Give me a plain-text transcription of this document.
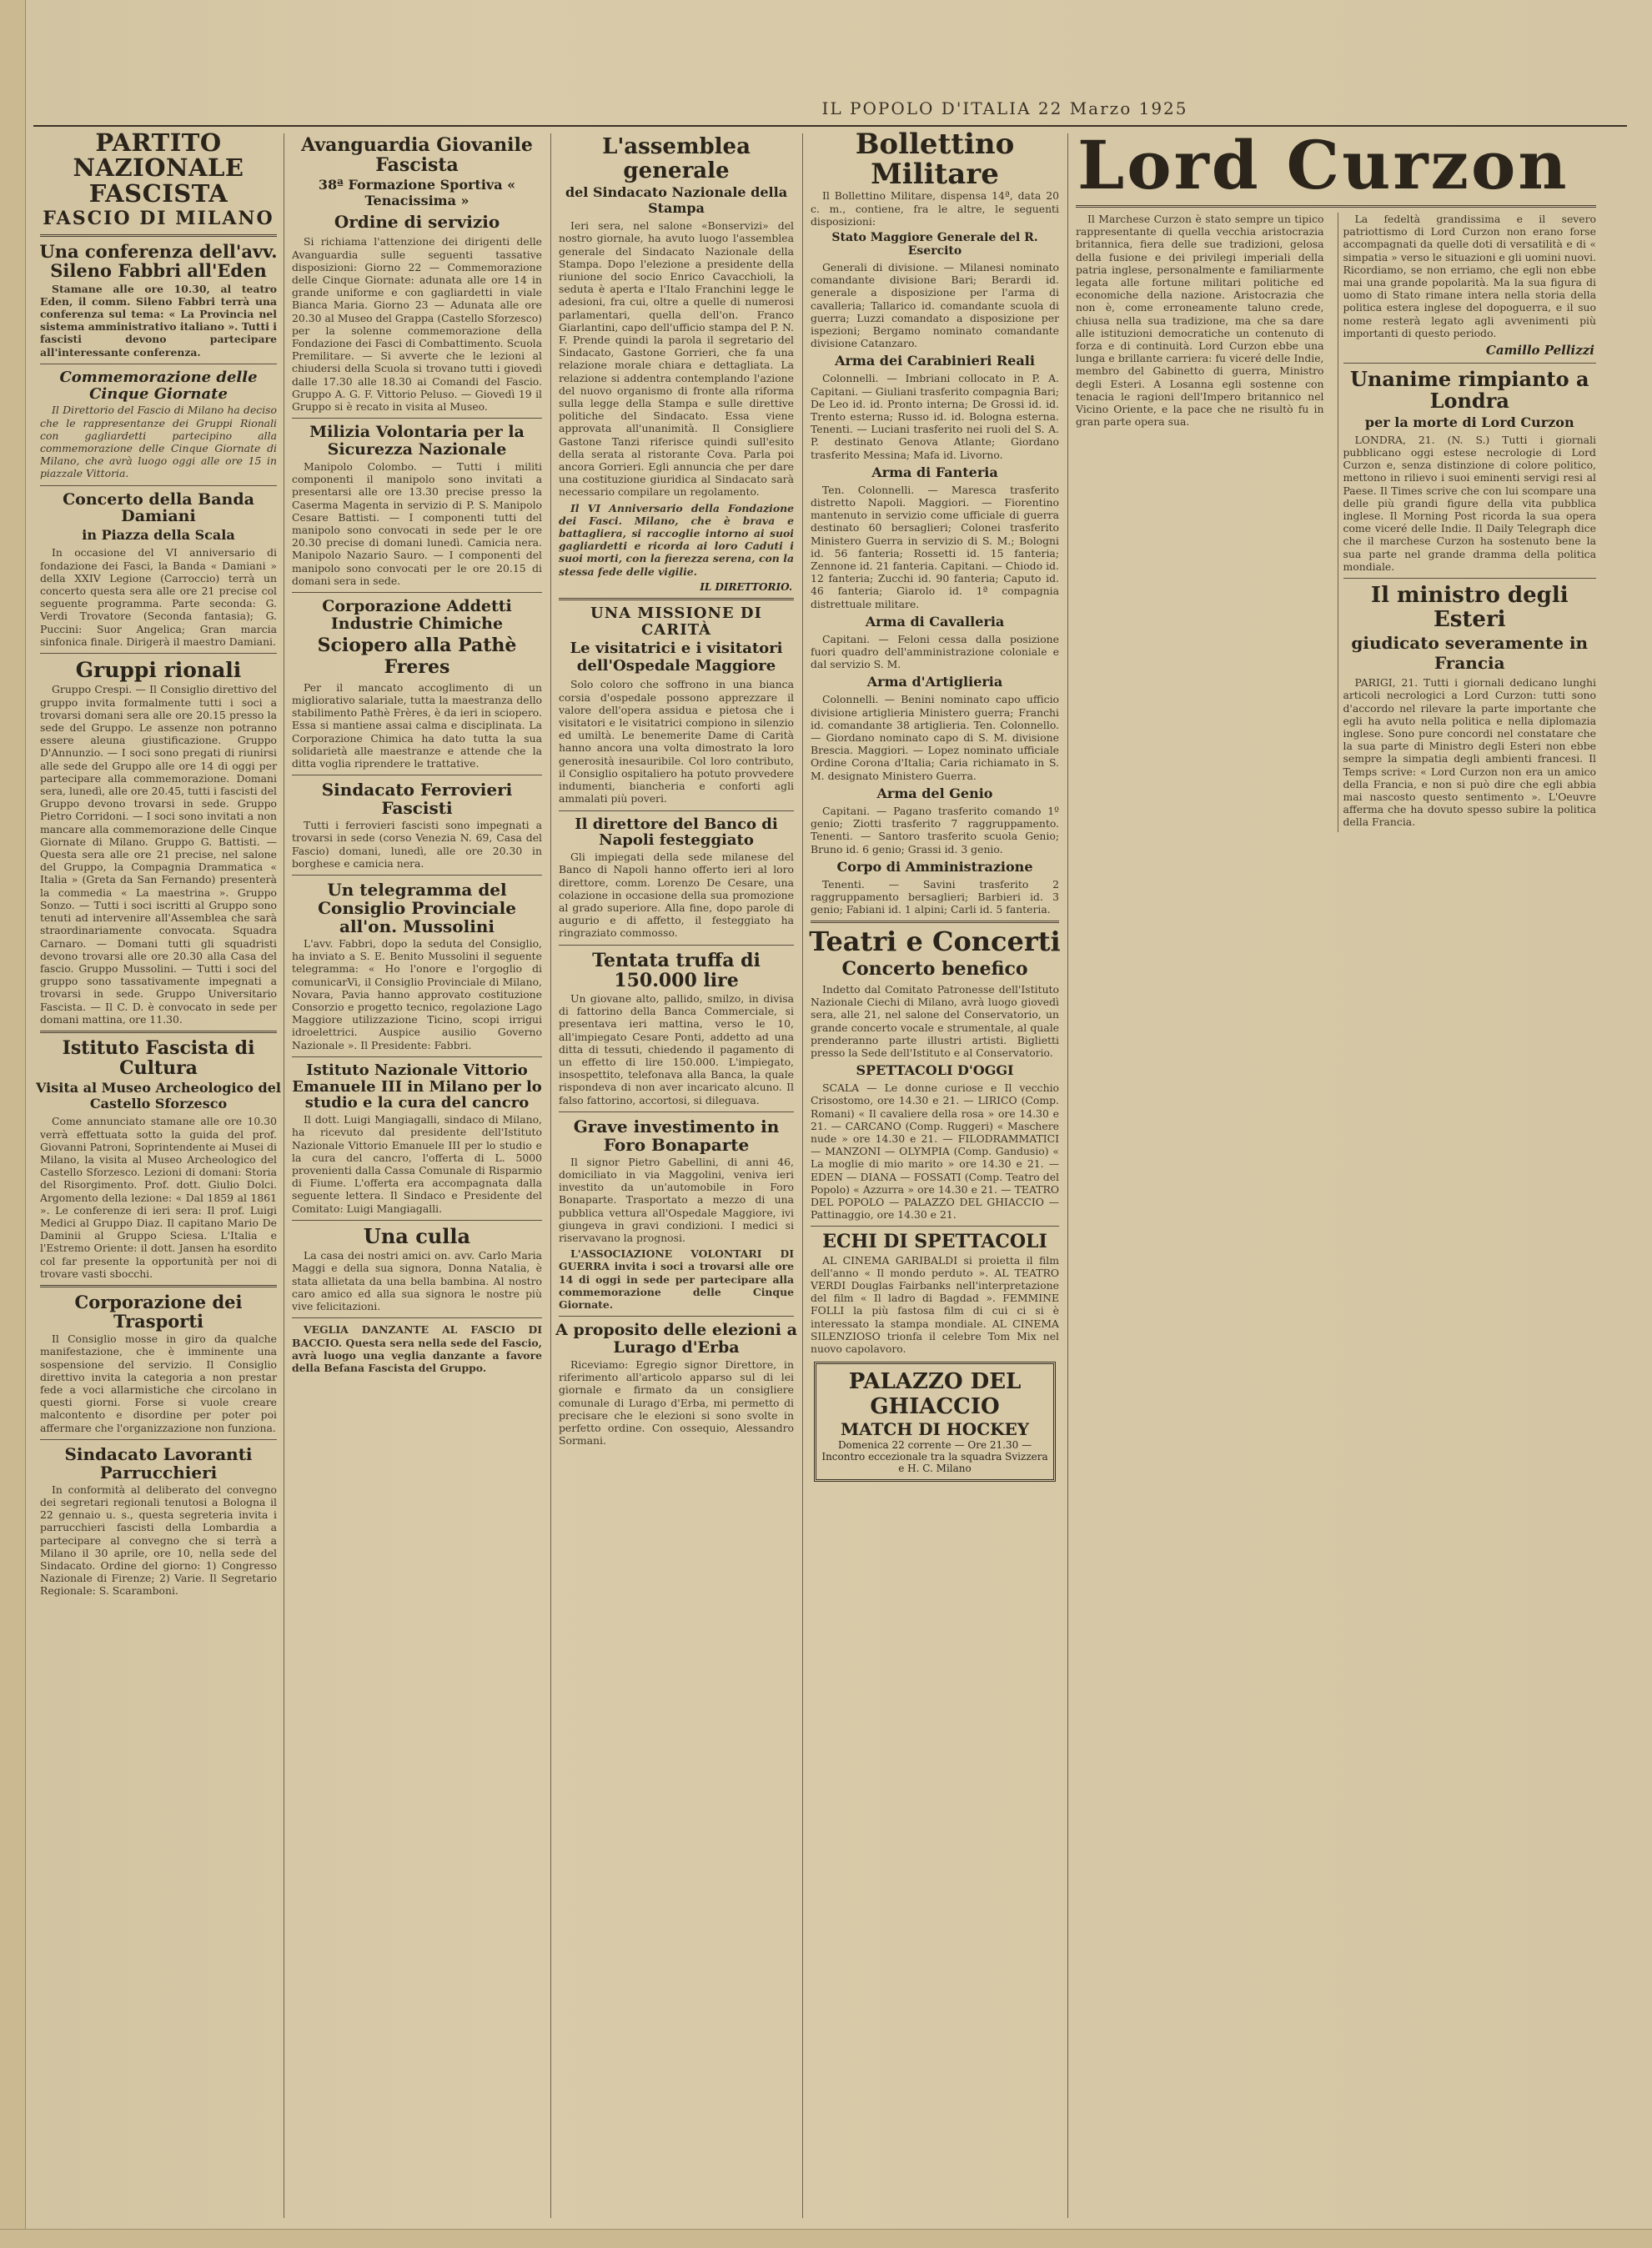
IL POPOLO D'ITALIA 22 Marzo 1925
PARTITO NAZIONALE FASCISTA
FASCIO DI MILANO
Una conferenza dell'avv. Sileno Fabbri all'Eden

Stamane alle ore 10.30, al teatro Eden, il comm. Sileno Fabbri terrà una conferenza sul tema: « La Provincia nel sistema amministrativo italiano ». Tutti i fascisti devono partecipare all'interessante conferenza.

Commemorazione delle Cinque Giornate

Il Direttorio del Fascio di Milano ha deciso che le rappresentanze dei Gruppi Rionali con gagliardetti partecipino alla commemorazione delle Cinque Giornate di Milano, che avrà luogo oggi alle ore 15 in piazzale Vittoria.

Concerto della Banda Damiani
in Piazza della Scala

In occasione del VI anniversario di fondazione dei Fasci, la Banda « Damiani » della XXIV Legione (Carroccio) terrà un concerto questa sera alle ore 21 precise col seguente programma. Parte seconda: G. Verdi Trovatore (Seconda fantasia); G. Puccini: Suor Angelica; Gran marcia sinfonica finale. Dirigerà il maestro Damiani.

Gruppi rionali

Gruppo Crespi. — Il Consiglio direttivo del gruppo invita formalmente tutti i soci a trovarsi domani sera alle ore 20.15 presso la sede del Gruppo. Le assenze non potranno essere aleuna giustificazione. Gruppo D'Annunzio. — I soci sono pregati di riunirsi alle sede del Gruppo alle ore 14 di oggi per partecipare alla commemorazione. Domani sera, lunedì, alle ore 20.45, tutti i fascisti del Gruppo devono trovarsi in sede. Gruppo Pietro Corridoni. — I soci sono invitati a non mancare alla commemorazione delle Cinque Giornate di Milano. Gruppo G. Battisti. — Questa sera alle ore 21 precise, nel salone del Gruppo, la Compagnia Drammatica « Italia » (Greta da San Fernando) presenterà la commedia « La maestrina ». Gruppo Sonzo. — Tutti i soci iscritti al Gruppo sono tenuti ad intervenire all'Assemblea che sarà straordinariamente convocata. Squadra Carnaro. — Domani tutti gli squadristi devono trovarsi alle ore 20.30 alla Casa del fascio. Gruppo Mussolini. — Tutti i soci del gruppo sono tassativamente impegnati a trovarsi in sede. Gruppo Universitario Fascista. — Il C. D. è convocato in sede per domani mattina, ore 11.30.

Istituto Fascista di Cultura
Visita al Museo Archeologico del Castello Sforzesco

Come annunciato stamane alle ore 10.30 verrà effettuata sotto la guida del prof. Giovanni Patroni, Soprintendente ai Musei di Milano, la visita al Museo Archeologico del Castello Sforzesco. Lezioni di domani: Storia del Risorgimento. Prof. dott. Giulio Dolci. Argomento della lezione: « Dal 1859 al 1861 ». Le conferenze di ieri sera: Il prof. Luigi Medici al Gruppo Diaz. Il capitano Mario De Daminii al Gruppo Sciesa. L'Italia e l'Estremo Oriente: il dott. Jansen ha esordito col far presente la opportunità per noi di trovare vasti sbocchi.

Corporazione dei Trasporti

Il Consiglio mosse in giro da qualche manifestazione, che è imminente una sospensione del servizio. Il Consiglio direttivo invita la categoria a non prestar fede a voci allarmistiche che circolano in questi giorni. Forse si vuole creare malcontento e disordine per poter poi affermare che l'organizzazione non funziona.

Sindacato Lavoranti Parrucchieri

In conformità al deliberato del convegno dei segretari regionali tenutosi a Bologna il 22 gennaio u. s., questa segreteria invita i parrucchieri fascisti della Lombardia a partecipare al convegno che si terrà a Milano il 30 aprile, ore 10, nella sede del Sindacato. Ordine del giorno: 1) Congresso Nazionale di Firenze; 2) Varie. Il Segretario Regionale: S. Scaramboni.

Avanguardia Giovanile Fascista
38ª Formazione Sportiva « Tenacissima »
Ordine di servizio

Si richiama l'attenzione dei dirigenti delle Avanguardia sulle seguenti tassative disposizioni: Giorno 22 — Commemorazione delle Cinque Giornate: adunata alle ore 14 in grande uniforme e con gagliardetti in viale Bianca Maria. Giorno 23 — Adunata alle ore 20.30 al Museo del Grappa (Castello Sforzesco) per la solenne commemorazione della Fondazione dei Fasci di Combattimento. Scuola Premilitare. — Si avverte che le lezioni al chiudersi della Scuola si trovano tutti i giovedì dalle 17.30 alle 18.30 ai Comandi del Fascio. Gruppo A. G. F. Vittorio Peluso. — Giovedì 19 il Gruppo si è recato in visita al Museo.

Milizia Volontaria per la Sicurezza Nazionale

Manipolo Colombo. — Tutti i militi componenti il manipolo sono invitati a presentarsi alle ore 13.30 precise presso la Caserma Magenta in servizio di P. S. Manipolo Cesare Battisti. — I componenti tutti del manipolo sono convocati in sede per le ore 20.30 precise di domani lunedì. Camicia nera. Manipolo Nazario Sauro. — I componenti del manipolo sono convocati per le ore 20.15 di domani sera in sede.

Corporazione Addetti Industrie Chimiche
Sciopero alla Pathè Freres

Per il mancato accoglimento di un migliorativo salariale, tutta la maestranza dello stabilimento Pathè Frères, è da ieri in sciopero. Essa si mantiene assai calma e disciplinata. La Corporazione Chimica ha dato tutta la sua solidarietà alle maestranze e attende che la ditta voglia riprendere le trattative.

Sindacato Ferrovieri Fascisti

Tutti i ferrovieri fascisti sono impegnati a trovarsi in sede (corso Venezia N. 69, Casa del Fascio) domani, lunedì, alle ore 20.30 in borghese e camicia nera.

Un telegramma del Consiglio Provinciale all'on. Mussolini

L'avv. Fabbri, dopo la seduta del Consiglio, ha inviato a S. E. Benito Mussolini il seguente telegramma: « Ho l'onore e l'orgoglio di comunicarVi, il Consiglio Provinciale di Milano, Novara, Pavia hanno approvato costituzione Consorzio e progetto tecnico, regolazione Lago Maggiore utilizzazione Ticino, scopi irrigui idroelettrici. Auspice ausilio Governo Nazionale ». Il Presidente: Fabbri.

Istituto Nazionale Vittorio Emanuele III in Milano per lo studio e la cura del cancro

Il dott. Luigi Mangiagalli, sindaco di Milano, ha ricevuto dal presidente dell'Istituto Nazionale Vittorio Emanuele III per lo studio e la cura del cancro, l'offerta di L. 5000 provenienti dalla Cassa Comunale di Risparmio di Fiume. L'offerta era accompagnata dalla seguente lettera. Il Sindaco e Presidente del Comitato: Luigi Mangiagalli.

Una culla

La casa dei nostri amici on. avv. Carlo Maria Maggi e della sua signora, Donna Natalia, è stata allietata da una bella bambina. Al nostro caro amico ed alla sua signora le nostre più vive felicitazioni.

VEGLIA DANZANTE AL FASCIO DI BACCIO. Questa sera nella sede del Fascio, avrà luogo una veglia danzante a favore della Befana Fascista del Gruppo.

L'assemblea generale
del Sindacato Nazionale della Stampa

Ieri sera, nel salone «Bonservizi» del nostro giornale, ha avuto luogo l'assemblea generale del Sindacato Nazionale della Stampa. Dopo l'elezione a presidente della riunione del socio Enrico Cavacchioli, la seduta è aperta e l'Italo Franchini legge le adesioni, fra cui, oltre a quelle di numerosi parlamentari, quella dell'on. Franco Giarlantini, capo dell'ufficio stampa del P. N. F. Prende quindi la parola il segretario del Sindacato, Gastone Gorrieri, che fa una relazione morale chiara e dettagliata. La relazione si addentra contemplando l'azione del nuovo organismo di fronte alla riforma sulla legge della Stampa e sulle direttive politiche del Sindacato. Essa viene approvata all'unanimità. Il Consigliere Gastone Tanzi riferisce quindi sull'esito della serata al ristorante Cova. Parla poi ancora Gorrieri. Egli annuncia che per dare una costituzione giuridica al Sindacato sarà necessario compilare un regolamento.

Il VI Anniversario della Fondazione dei Fasci. Milano, che è brava e battagliera, si raccoglie intorno ai suoi gagliardetti e ricorda ai loro Caduti i suoi morti, con la fierezza serena, con la stessa fede delle vigilie.

IL DIRETTORIO.
UNA MISSIONE DI CARITÀ
Le visitatrici e i visitatori dell'Ospedale Maggiore

Solo coloro che soffrono in una bianca corsia d'ospedale possono apprezzare il valore dell'opera assidua e pietosa che i visitatori e le visitatrici compiono in silenzio ed umiltà. Le benemerite Dame di Carità hanno ancora una volta dimostrato la loro generosità inesauribile. Col loro contributo, il Consiglio ospitaliero ha potuto provvedere indumenti, biancheria e conforti agli ammalati più poveri.

Il direttore del Banco di Napoli festeggiato

Gli impiegati della sede milanese del Banco di Napoli hanno offerto ieri al loro direttore, comm. Lorenzo De Cesare, una colazione in occasione della sua promozione al grado superiore. Alla fine, dopo parole di augurio e di affetto, il festeggiato ha ringraziato commosso.

Tentata truffa di 150.000 lire

Un giovane alto, pallido, smilzo, in divisa di fattorino della Banca Commerciale, si presentava ieri mattina, verso le 10, all'impiegato Cesare Ponti, addetto ad una ditta di tessuti, chiedendo il pagamento di un effetto di lire 150.000. L'impiegato, insospettito, telefonava alla Banca, la quale rispondeva di non aver incaricato alcuno. Il falso fattorino, accortosi, si dileguava.

Grave investimento in Foro Bonaparte

Il signor Pietro Gabellini, di anni 46, domiciliato in via Maggolini, veniva ieri investito da un'automobile in Foro Bonaparte. Trasportato a mezzo di una pubblica vettura all'Ospedale Maggiore, ivi giungeva in gravi condizioni. I medici si riservavano la prognosi.

L'ASSOCIAZIONE VOLONTARI DI GUERRA invita i soci a trovarsi alle ore 14 di oggi in sede per partecipare alla commemorazione delle Cinque Giornate.

A proposito delle elezioni a Lurago d'Erba

Riceviamo: Egregio signor Direttore, in riferimento all'articolo apparso sul di lei giornale e firmato da un consigliere comunale di Lurago d'Erba, mi permetto di precisare che le elezioni si sono svolte in perfetto ordine. Con ossequio, Alessandro Sormani.

Bollettino Militare

Il Bollettino Militare, dispensa 14ª, data 20 c. m., contiene, fra le altre, le seguenti disposizioni:

Stato Maggiore Generale del R. Esercito

Generali di divisione. — Milanesi nominato comandante divisione Bari; Berardi id. generale a disposizione per l'arma di cavalleria; Tallarico id. comandante scuola di guerra; Luzzi comandato a disposizione per ispezioni; Bergamo nominato comandante divisione Catanzaro.

Arma dei Carabinieri Reali

Colonnelli. — Imbriani collocato in P. A. Capitani. — Giuliani trasferito compagnia Bari; De Leo id. id. Pronto interna; De Grossi id. id. Trento esterna; Russo id. id. Bologna esterna. Tenenti. — Luciani trasferito nei ruoli del S. A. P. destinato Genova Atlante; Giordano trasferito Messina; Mafa id. Livorno.

Arma di Fanteria

Ten. Colonnelli. — Maresca trasferito distretto Napoli. Maggiori. — Fiorentino mantenuto in servizio come ufficiale di guerra destinato 60 bersaglieri; Colonei trasferito Ministero Guerra in servizio di S. M.; Bologni id. 56 fanteria; Rossetti id. 15 fanteria; Zennone id. 21 fanteria. Capitani. — Chiodo id. 12 fanteria; Zucchi id. 90 fanteria; Caputo id. 46 fanteria; Giarolo id. 1ª compagnia distrettuale militare.

Arma di Cavalleria

Capitani. — Feloni cessa dalla posizione fuori quadro dell'amministrazione coloniale e dal servizio S. M.

Arma d'Artiglieria

Colonnelli. — Benini nominato capo ufficio divisione artiglieria Ministero guerra; Franchi id. comandante 38 artiglieria. Ten. Colonnello. — Giordano nominato capo di S. M. divisione Brescia. Maggiori. — Lopez nominato ufficiale Ordine Corona d'Italia; Caria richiamato in S. M. designato Ministero Guerra.

Arma del Genio

Capitani. — Pagano trasferito comando 1º genio; Ziotti trasferito 7 raggruppamento. Tenenti. — Santoro trasferito scuola Genio; Bruno id. 6 genio; Grassi id. 3 genio.

Corpo di Amministrazione

Tenenti. — Savini trasferito 2 raggruppamento bersaglieri; Barbieri id. 3 genio; Fabiani id. 1 alpini; Carli id. 5 fanteria.

Teatri e Concerti
Concerto benefico

Indetto dal Comitato Patronesse dell'Istituto Nazionale Ciechi di Milano, avrà luogo giovedì sera, alle 21, nel salone del Conservatorio, un grande concerto vocale e strumentale, al quale prenderanno parte illustri artisti. Biglietti presso la Sede dell'Istituto e al Conservatorio.

SPETTACOLI D'OGGI

SCALA — Le donne curiose e Il vecchio Crisostomo, ore 14.30 e 21. — LIRICO (Comp. Romani) « Il cavaliere della rosa » ore 14.30 e 21. — CARCANO (Comp. Ruggeri) « Maschere nude » ore 14.30 e 21. — FILODRAMMATICI — MANZONI — OLYMPIA (Comp. Gandusio) « La moglie di mio marito » ore 14.30 e 21. — EDEN — DIANA — FOSSATI (Comp. Teatro del Popolo) « Azzurra » ore 14.30 e 21. — TEATRO DEL POPOLO — PALAZZO DEL GHIACCIO — Pattinaggio, ore 14.30 e 21.

ECHI DI SPETTACOLI

AL CINEMA GARIBALDI si proietta il film dell'anno « Il mondo perduto ». AL TEATRO VERDI Douglas Fairbanks nell'interpretazione del film « Il ladro di Bagdad ». FEMMINE FOLLI la più fastosa film di cui ci si è interessato la stampa mondiale. AL CINEMA SILENZIOSO trionfa il celebre Tom Mix nel nuovo capolavoro.

PALAZZO DEL GHIACCIO
MATCH DI HOCKEY
Domenica 22 corrente — Ore 21.30 — Incontro eccezionale tra la squadra Svizzera e H. C. Milano
Lord Curzon

Il Marchese Curzon è stato sempre un tipico rappresentante di quella vecchia aristocrazia britannica, fiera delle sue tradizioni, gelosa della fusione e dei privilegi imperiali della patria inglese, personalmente e familiarmente legata alle fortune militari politiche ed economiche della nazione. Aristocrazia che non è, come erroneamente taluno crede, chiusa nella sua tradizione, ma che sa dare alle istituzioni democratiche un contenuto di forza e di continuità. Lord Curzon ebbe una lunga e brillante carriera: fu viceré delle Indie, membro del Gabinetto di guerra, Ministro degli Esteri. A Losanna egli sostenne con tenacia le ragioni dell'Impero britannico nel Vicino Oriente, e la pace che ne risultò fu in gran parte opera sua.

La fedeltà grandissima e il severo patriottismo di Lord Curzon non erano forse accompagnati da quelle doti di versatilità e di « simpatia » verso le situazioni e gli uomini nuovi. Ricordiamo, se non erriamo, che egli non ebbe mai una grande popolarità. Ma la sua figura di uomo di Stato rimane intera nella storia della politica estera inglese del dopoguerra, e il suo nome resterà legato agli avvenimenti più importanti di questo periodo.

Camillo Pellizzi
Unanime rimpianto a Londra
per la morte di Lord Curzon

LONDRA, 21. (N. S.) Tutti i giornali pubblicano oggi estese necrologie di Lord Curzon e, senza distinzione di colore politico, mettono in rilievo i suoi eminenti servigi resi al Paese. Il Times scrive che con lui scompare una delle più grandi figure della vita pubblica inglese. Il Morning Post ricorda la sua opera come viceré delle Indie. Il Daily Telegraph dice che il marchese Curzon ha sostenuto bene la sua parte nel grande dramma della politica mondiale.

Il ministro degli Esteri
giudicato severamente in Francia

PARIGI, 21. Tutti i giornali dedicano lunghi articoli necrologici a Lord Curzon: tutti sono d'accordo nel rilevare la parte importante che egli ha avuto nella politica e nella diplomazia inglese. Sono pure concordi nel constatare che la sua parte di Ministro degli Esteri non ebbe sempre la simpatia degli ambienti francesi. Il Temps scrive: « Lord Curzon non era un amico della Francia, e non si può dire che egli abbia mai nascosto questo sentimento ». L'Oeuvre afferma che ha dovuto spesso subire la politica della Francia.
